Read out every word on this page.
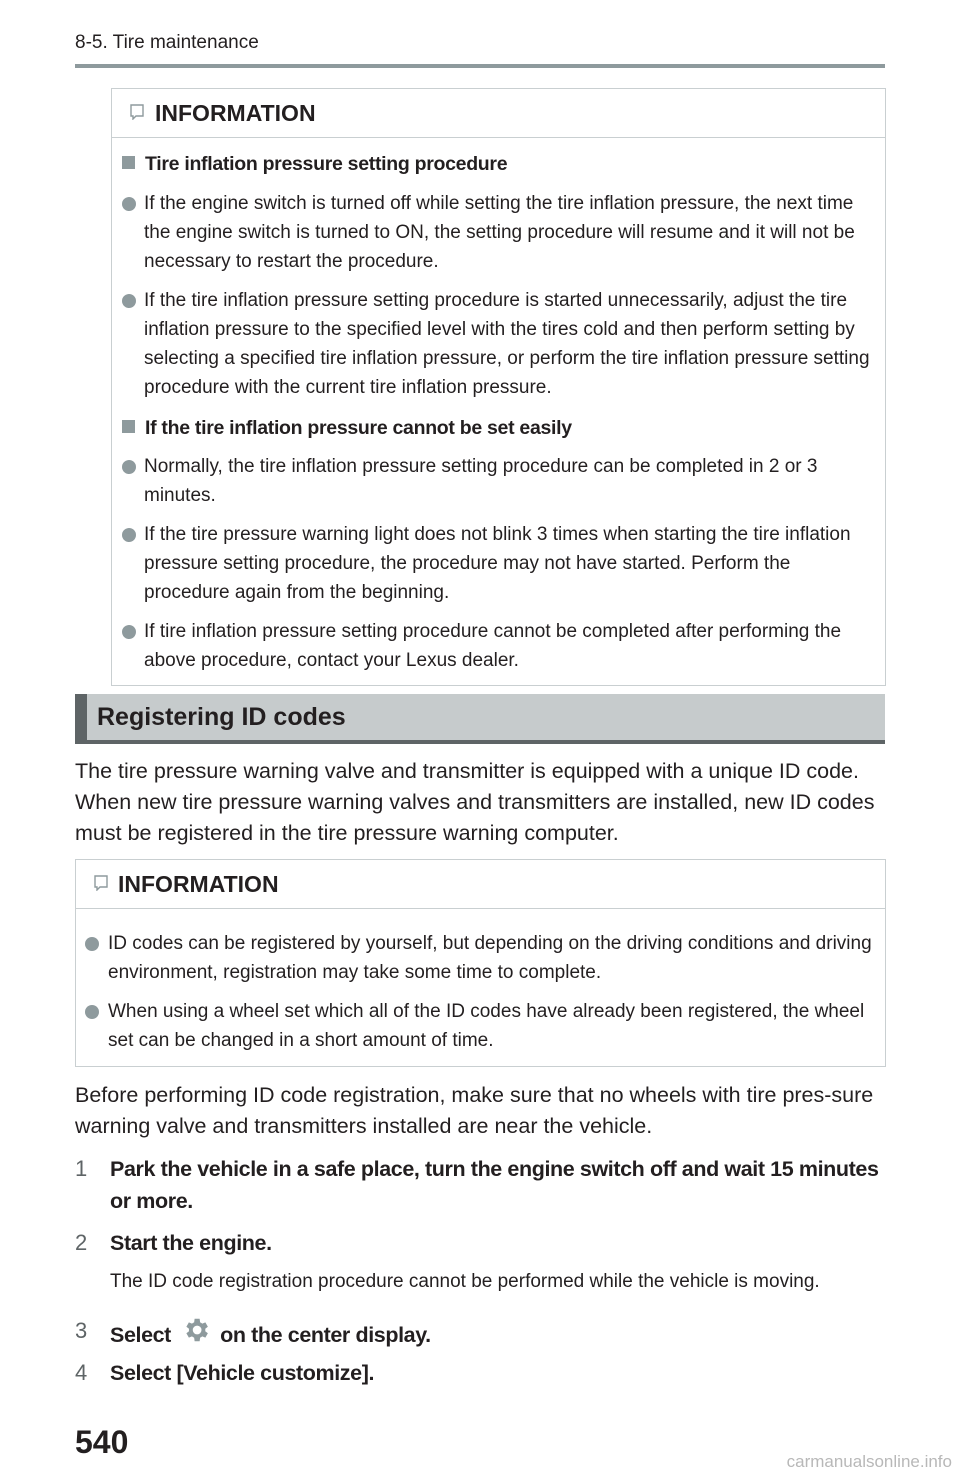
8-5. Tire maintenance
INFORMATION
Tire inflation pressure setting procedure
If the engine switch is turned off while setting the tire inflation pressure, the next time the engine switch is turned to ON, the setting procedure will resume and it will not be necessary to restart the procedure.
If the tire inflation pressure setting procedure is started unnecessarily, adjust the tire inflation pressure to the specified level with the tires cold and then perform setting by selecting a specified tire inflation pressure, or perform the tire inflation pressure setting procedure with the current tire inflation pressure.
If the tire inflation pressure cannot be set easily
Normally, the tire inflation pressure setting procedure can be completed in 2 or 3 minutes.
If the tire pressure warning light does not blink 3 times when starting the tire inflation pressure setting procedure, the procedure may not have started. Perform the procedure again from the beginning.
If tire inflation pressure setting procedure cannot be completed after performing the above procedure, contact your Lexus dealer.
Registering ID codes
The tire pressure warning valve and transmitter is equipped with a unique ID code. When new tire pressure warning valves and transmitters are installed, new ID codes must be registered in the tire pressure warning computer.
INFORMATION
ID codes can be registered by yourself, but depending on the driving conditions and driving environment, registration may take some time to complete.
When using a wheel set which all of the ID codes have already been registered, the wheel set can be changed in a short amount of time.
Before performing ID code registration, make sure that no wheels with tire pres-sure warning valve and transmitters installed are near the vehicle.
1 Park the vehicle in a safe place, turn the engine switch off and wait 15 minutes or more.
2 Start the engine.
The ID code registration procedure cannot be performed while the vehicle is moving.
3 Select on the center display.
4 Select [Vehicle customize].
540
carmanualsonline.info
